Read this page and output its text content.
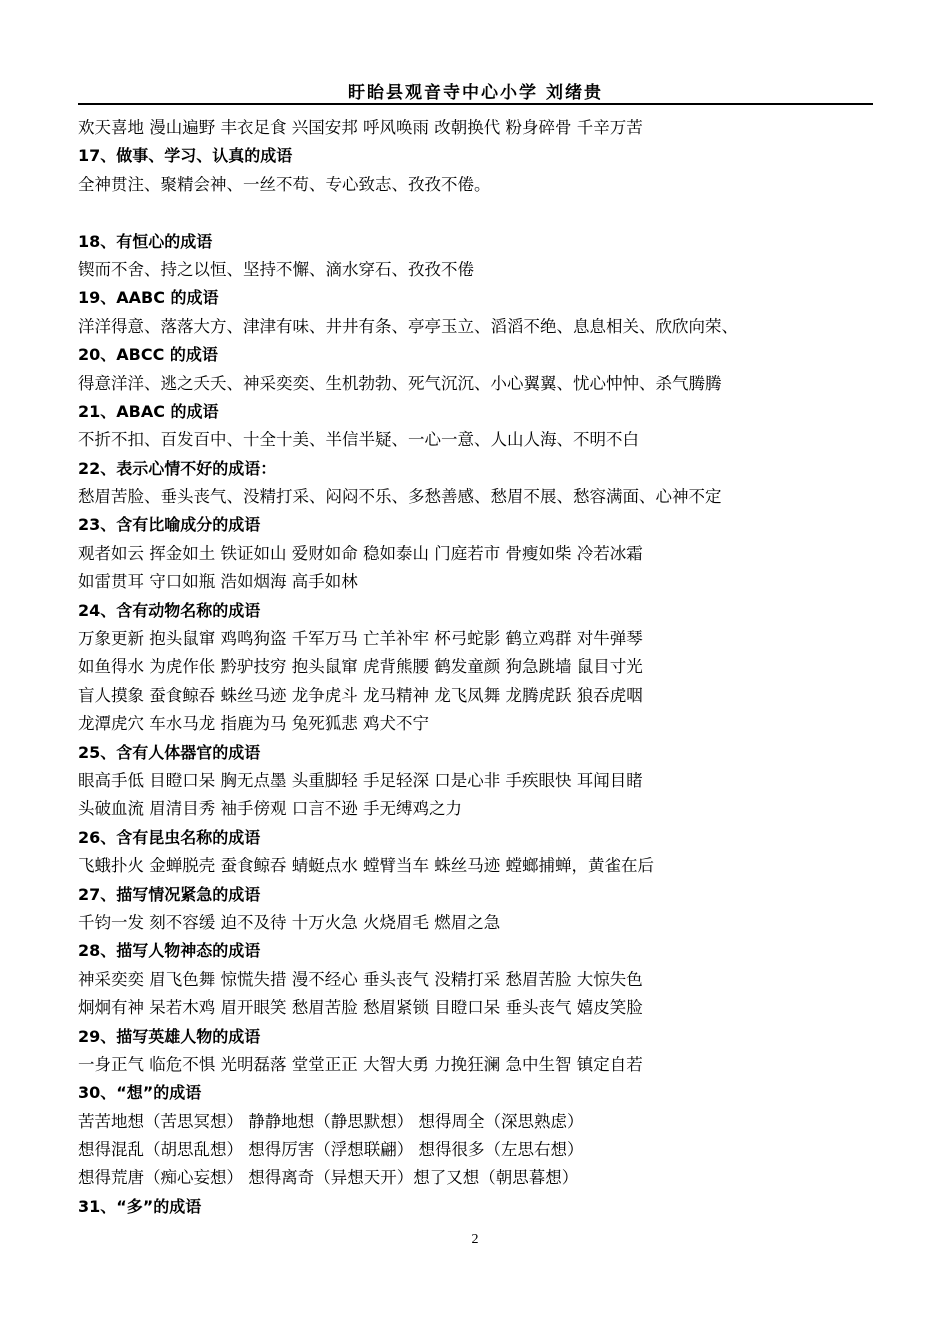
盱眙县观音寺中心小学 刘绪贵
欢天喜地 漫山遍野 丰衣足食 兴国安邦 呼风唤雨 改朝换代 粉身碎骨 千辛万苦
17、做事、学习、认真的成语
全神贯注、聚精会神、一丝不苟、专心致志、孜孜不倦。
18、有恒心的成语
锲而不舍、持之以恒、坚持不懈、滴水穿石、孜孜不倦
19、AABC 的成语
洋洋得意、落落大方、津津有味、井井有条、亭亭玉立、滔滔不绝、息息相关、欣欣向荣、
20、ABCC 的成语
得意洋洋、逃之夭夭、神采奕奕、生机勃勃、死气沉沉、小心翼翼、忧心忡忡、杀气腾腾
21、ABAC 的成语
不折不扣、百发百中、十全十美、半信半疑、一心一意、人山人海、不明不白
22、表示心情不好的成语：
愁眉苦脸、垂头丧气、没精打采、闷闷不乐、多愁善感、愁眉不展、愁容满面、心神不定
23、含有比喻成分的成语
观者如云 挥金如土 铁证如山 爱财如命 稳如泰山 门庭若市 骨瘦如柴 冷若冰霜
如雷贯耳 守口如瓶 浩如烟海 高手如林
24、含有动物名称的成语
万象更新 抱头鼠窜 鸡鸣狗盗 千军万马 亡羊补牢 杯弓蛇影 鹤立鸡群 对牛弹琴
如鱼得水 为虎作伥 黔驴技穷 抱头鼠窜 虎背熊腰 鹤发童颜 狗急跳墙 鼠目寸光
盲人摸象 蚕食鲸吞 蛛丝马迹 龙争虎斗 龙马精神 龙飞凤舞 龙腾虎跃 狼吞虎咽
龙潭虎穴 车水马龙 指鹿为马 兔死狐悲 鸡犬不宁
25、含有人体器官的成语
眼高手低 目瞪口呆 胸无点墨 头重脚轻 手足轻深 口是心非 手疾眼快 耳闻目睹
头破血流 眉清目秀 袖手傍观 口言不逊 手无缚鸡之力
26、含有昆虫名称的成语
飞蛾扑火 金蝉脱壳 蚕食鲸吞 蜻蜓点水 螳臂当车 蛛丝马迹 螳螂捕蝉，黄雀在后
27、描写情况紧急的成语
千钧一发 刻不容缓 迫不及待 十万火急 火烧眉毛 燃眉之急
28、描写人物神态的成语
神采奕奕 眉飞色舞 惊慌失措 漫不经心 垂头丧气 没精打采 愁眉苦脸 大惊失色
炯炯有神 呆若木鸡 眉开眼笑 愁眉苦脸 愁眉紧锁 目瞪口呆 垂头丧气 嬉皮笑脸
29、描写英雄人物的成语
一身正气 临危不惧 光明磊落 堂堂正正 大智大勇 力挽狂澜 急中生智 镇定自若
30、“想”的成语
苦苦地想（苦思冥想） 静静地想（静思默想） 想得周全（深思熟虑）
想得混乱（胡思乱想） 想得厉害（浮想联翩） 想得很多（左思右想）
想得荒唐（痴心妄想） 想得离奇（异想天开）想了又想（朝思暮想）
31、“多”的成语
2
